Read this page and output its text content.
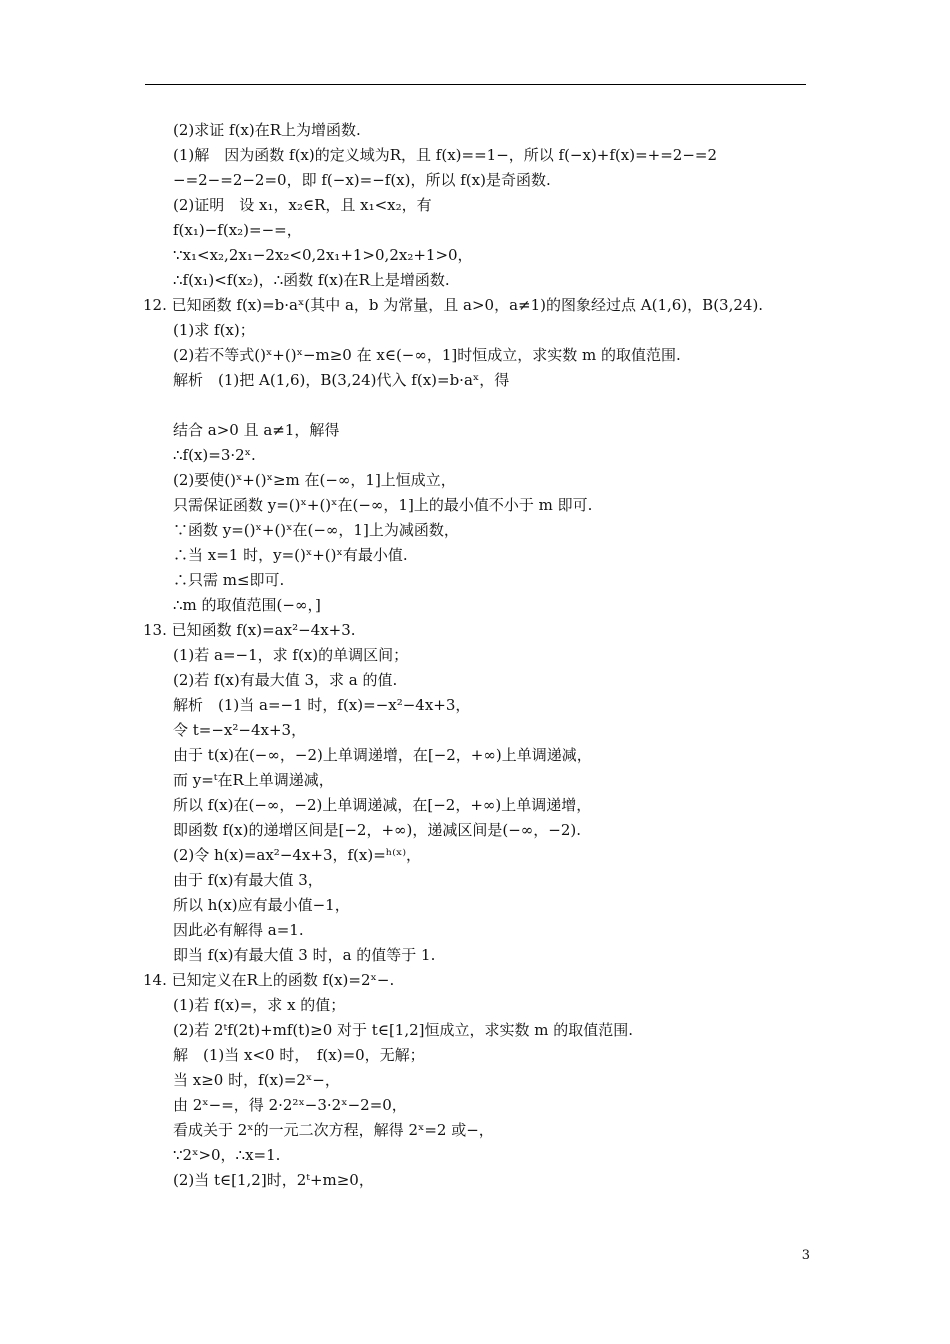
(2)求证 f(x)在R上为增函数.
(1)解　因为函数 f(x)的定义域为R，且 f(x)==1−，所以 f(−x)+f(x)=+=2−=2
−=2−=2−2=0，即 f(−x)=−f(x)，所以 f(x)是奇函数.
(2)证明　设 x₁，x₂∈R，且 x₁<x₂，有
f(x₁)−f(x₂)=−=，
∵x₁<x₂,2x₁−2x₂<0,2x₁+1>0,2x₂+1>0，
∴f(x₁)<f(x₂)，∴函数 f(x)在R上是增函数.
12. 已知函数 f(x)=b·aˣ(其中 a，b 为常量，且 a>0，a≠1)的图象经过点 A(1,6)，B(3,24).
(1)求 f(x)；
(2)若不等式()ˣ+()ˣ−m≥0 在 x∈(−∞，1]时恒成立，求实数 m 的取值范围.
解析　(1)把 A(1,6)，B(3,24)代入 f(x)=b·aˣ，得
结合 a>0 且 a≠1，解得
∴f(x)=3·2ˣ.
(2)要使()ˣ+()ˣ≥m 在(−∞，1]上恒成立，
只需保证函数 y=()ˣ+()ˣ在(−∞，1]上的最小值不小于 m 即可.
∵函数 y=()ˣ+()ˣ在(−∞，1]上为减函数，
∴当 x=1 时，y=()ˣ+()ˣ有最小值.
∴只需 m≤即可.
∴m 的取值范围(−∞，]
13. 已知函数 f(x)=ax²−4x+3.
(1)若 a=−1，求 f(x)的单调区间；
(2)若 f(x)有最大值 3，求 a 的值.
解析　(1)当 a=−1 时，f(x)=−x²−4x+3，
令 t=−x²−4x+3，
由于 t(x)在(−∞，−2)上单调递增，在[−2，+∞)上单调递减，
而 y=ᵗ在R上单调递减，
所以 f(x)在(−∞，−2)上单调递减，在[−2，+∞)上单调递增，
即函数 f(x)的递增区间是[−2，+∞)，递减区间是(−∞，−2).
(2)令 h(x)=ax²−4x+3，f(x)=ʰ⁽ˣ⁾，
由于 f(x)有最大值 3，
所以 h(x)应有最小值−1，
因此必有解得 a=1.
即当 f(x)有最大值 3 时，a 的值等于 1.
14. 已知定义在R上的函数 f(x)=2ˣ−.
(1)若 f(x)=，求 x 的值；
(2)若 2ᵗf(2t)+mf(t)≥0 对于 t∈[1,2]恒成立，求实数 m 的取值范围.
解　(1)当 x<0 时，　f(x)=0，无解；
当 x≥0 时，f(x)=2ˣ−，
由 2ˣ−=，得 2·2²ˣ−3·2ˣ−2=0，
看成关于 2ˣ的一元二次方程，解得 2ˣ=2 或−，
∵2ˣ>0，∴x=1.
(2)当 t∈[1,2]时，2ᵗ+m≥0，
3
